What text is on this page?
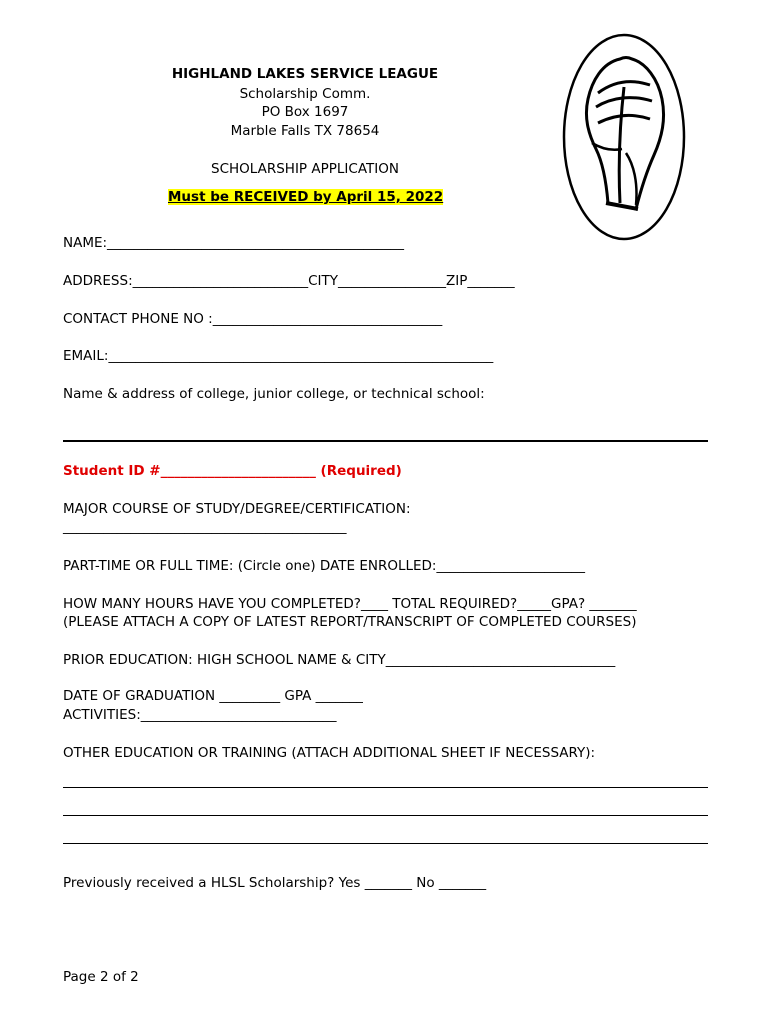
HIGHLAND LAKES SERVICE LEAGUE
Scholarship Comm.
PO Box 1697
Marble Falls TX 78654
SCHOLARSHIP APPLICATION
Must be RECEIVED by April 15, 2022
NAME:____________________________________________
ADDRESS:__________________________CITY________________ZIP_______
CONTACT PHONE NO :__________________________________
EMAIL:_________________________________________________________
Name & address of college, junior college, or technical school:
Student ID #_______________________ (Required)
MAJOR COURSE OF STUDY/DEGREE/CERTIFICATION:
__________________________________________
PART-TIME OR FULL TIME: (Circle one) DATE ENROLLED:______________________
HOW MANY HOURS HAVE YOU COMPLETED?____ TOTAL REQUIRED?_____GPA? _______
(PLEASE ATTACH A COPY OF LATEST REPORT/TRANSCRIPT OF COMPLETED COURSES)
PRIOR EDUCATION: HIGH SCHOOL NAME & CITY__________________________________
DATE OF GRADUATION _________ GPA _______
ACTIVITIES:_____________________________
OTHER EDUCATION OR TRAINING (ATTACH ADDITIONAL SHEET IF NECESSARY):
Previously received a HLSL Scholarship? Yes _______ No _______
Page 2 of 2
